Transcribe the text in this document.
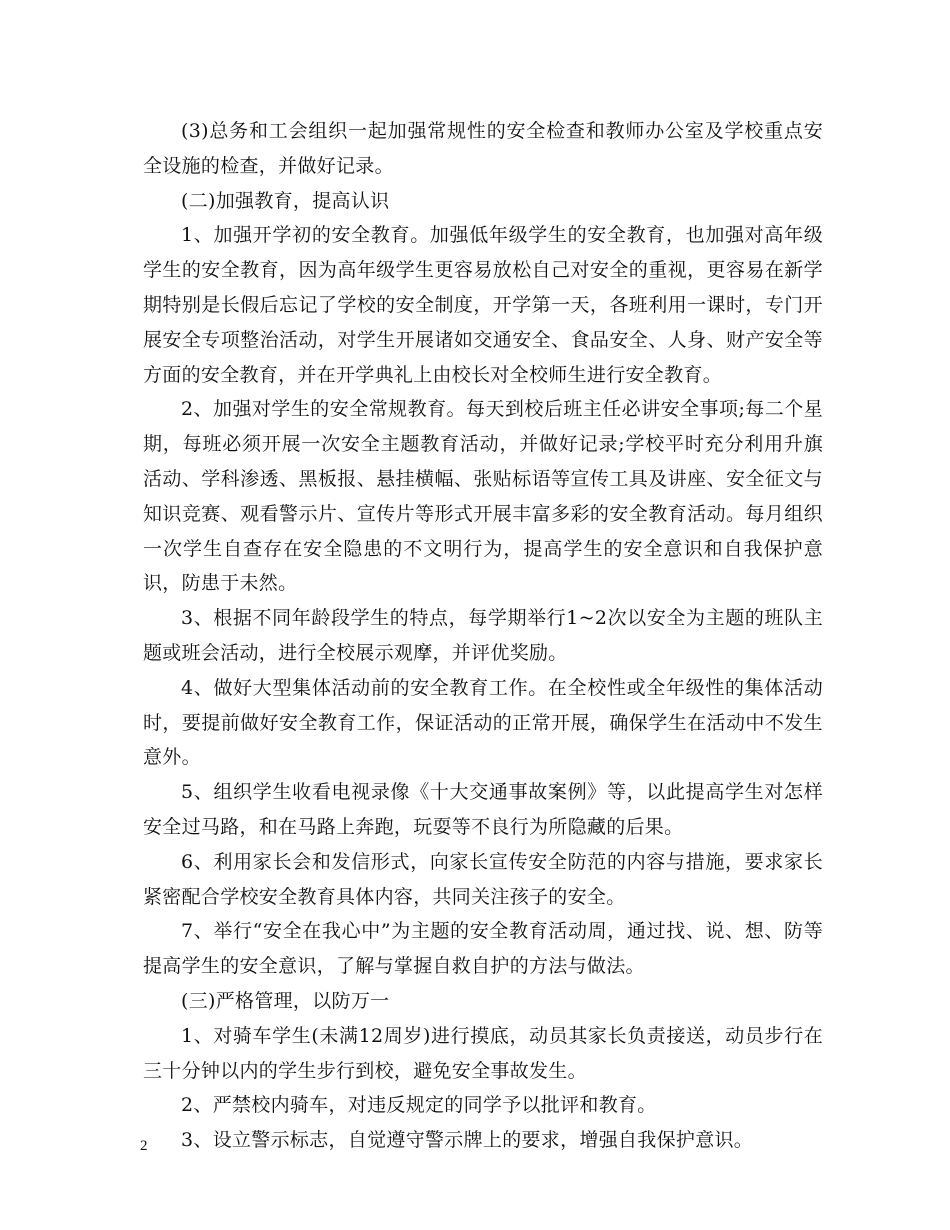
(3)总务和工会组织一起加强常规性的安全检查和教师办公室及学校重点安全设施的检查，并做好记录。

(二)加强教育，提高认识

1、加强开学初的安全教育。加强低年级学生的安全教育，也加强对高年级学生的安全教育，因为高年级学生更容易放松自己对安全的重视，更容易在新学期特别是长假后忘记了学校的安全制度，开学第一天，各班利用一课时，专门开展安全专项整治活动，对学生开展诸如交通安全、食品安全、人身、财产安全等方面的安全教育，并在开学典礼上由校长对全校师生进行安全教育。

2、加强对学生的安全常规教育。每天到校后班主任必讲安全事项;每二个星期，每班必须开展一次安全主题教育活动，并做好记录;学校平时充分利用升旗活动、学科渗透、黑板报、悬挂横幅、张贴标语等宣传工具及讲座、安全征文与知识竞赛、观看警示片、宣传片等形式开展丰富多彩的安全教育活动。每月组织一次学生自查存在安全隐患的不文明行为，提高学生的安全意识和自我保护意识，防患于未然。

3、根据不同年龄段学生的特点，每学期举行1~2次以安全为主题的班队主题或班会活动，进行全校展示观摩，并评优奖励。

4、做好大型集体活动前的安全教育工作。在全校性或全年级性的集体活动时，要提前做好安全教育工作，保证活动的正常开展，确保学生在活动中不发生意外。

5、组织学生收看电视录像《十大交通事故案例》等，以此提高学生对怎样安全过马路，和在马路上奔跑，玩耍等不良行为所隐藏的后果。

6、利用家长会和发信形式，向家长宣传安全防范的内容与措施，要求家长紧密配合学校安全教育具体内容，共同关注孩子的安全。

7、举行“安全在我心中”为主题的安全教育活动周，通过找、说、想、防等提高学生的安全意识，了解与掌握自救自护的方法与做法。

(三)严格管理，以防万一

1、对骑车学生(未满12周岁)进行摸底，动员其家长负责接送，动员步行在三十分钟以内的学生步行到校，避免安全事故发生。

2、严禁校内骑车，对违反规定的同学予以批评和教育。

3、设立警示标志，自觉遵守警示牌上的要求，增强自我保护意识。

2
